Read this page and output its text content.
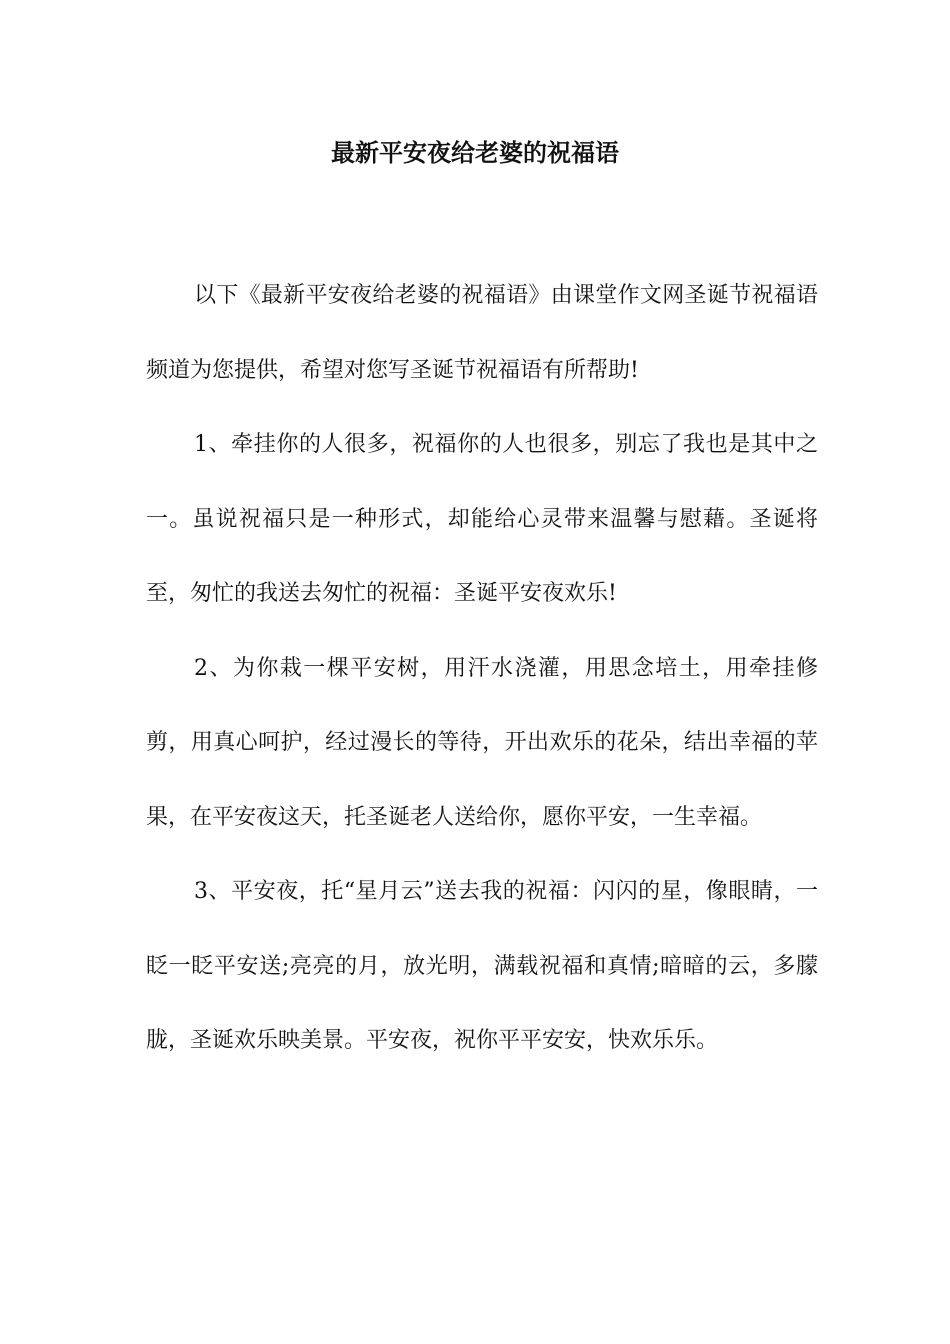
最新平安夜给老婆的祝福语

以下《最新平安夜给老婆的祝福语》由课堂作文网圣诞节祝福语频道为您提供，希望对您写圣诞节祝福语有所帮助!

1、牵挂你的人很多，祝福你的人也很多，别忘了我也是其中之一。虽说祝福只是一种形式，却能给心灵带来温馨与慰藉。圣诞将至，匆忙的我送去匆忙的祝福：圣诞平安夜欢乐!

2、为你栽一棵平安树，用汗水浇灌，用思念培土，用牵挂修剪，用真心呵护，经过漫长的等待，开出欢乐的花朵，结出幸福的苹果，在平安夜这天，托圣诞老人送给你，愿你平安，一生幸福。

3、平安夜，托“星月云”送去我的祝福：闪闪的星，像眼睛，一眨一眨平安送;亮亮的月，放光明，满载祝福和真情;暗暗的云，多朦胧，圣诞欢乐映美景。平安夜，祝你平平安安，快欢乐乐。
